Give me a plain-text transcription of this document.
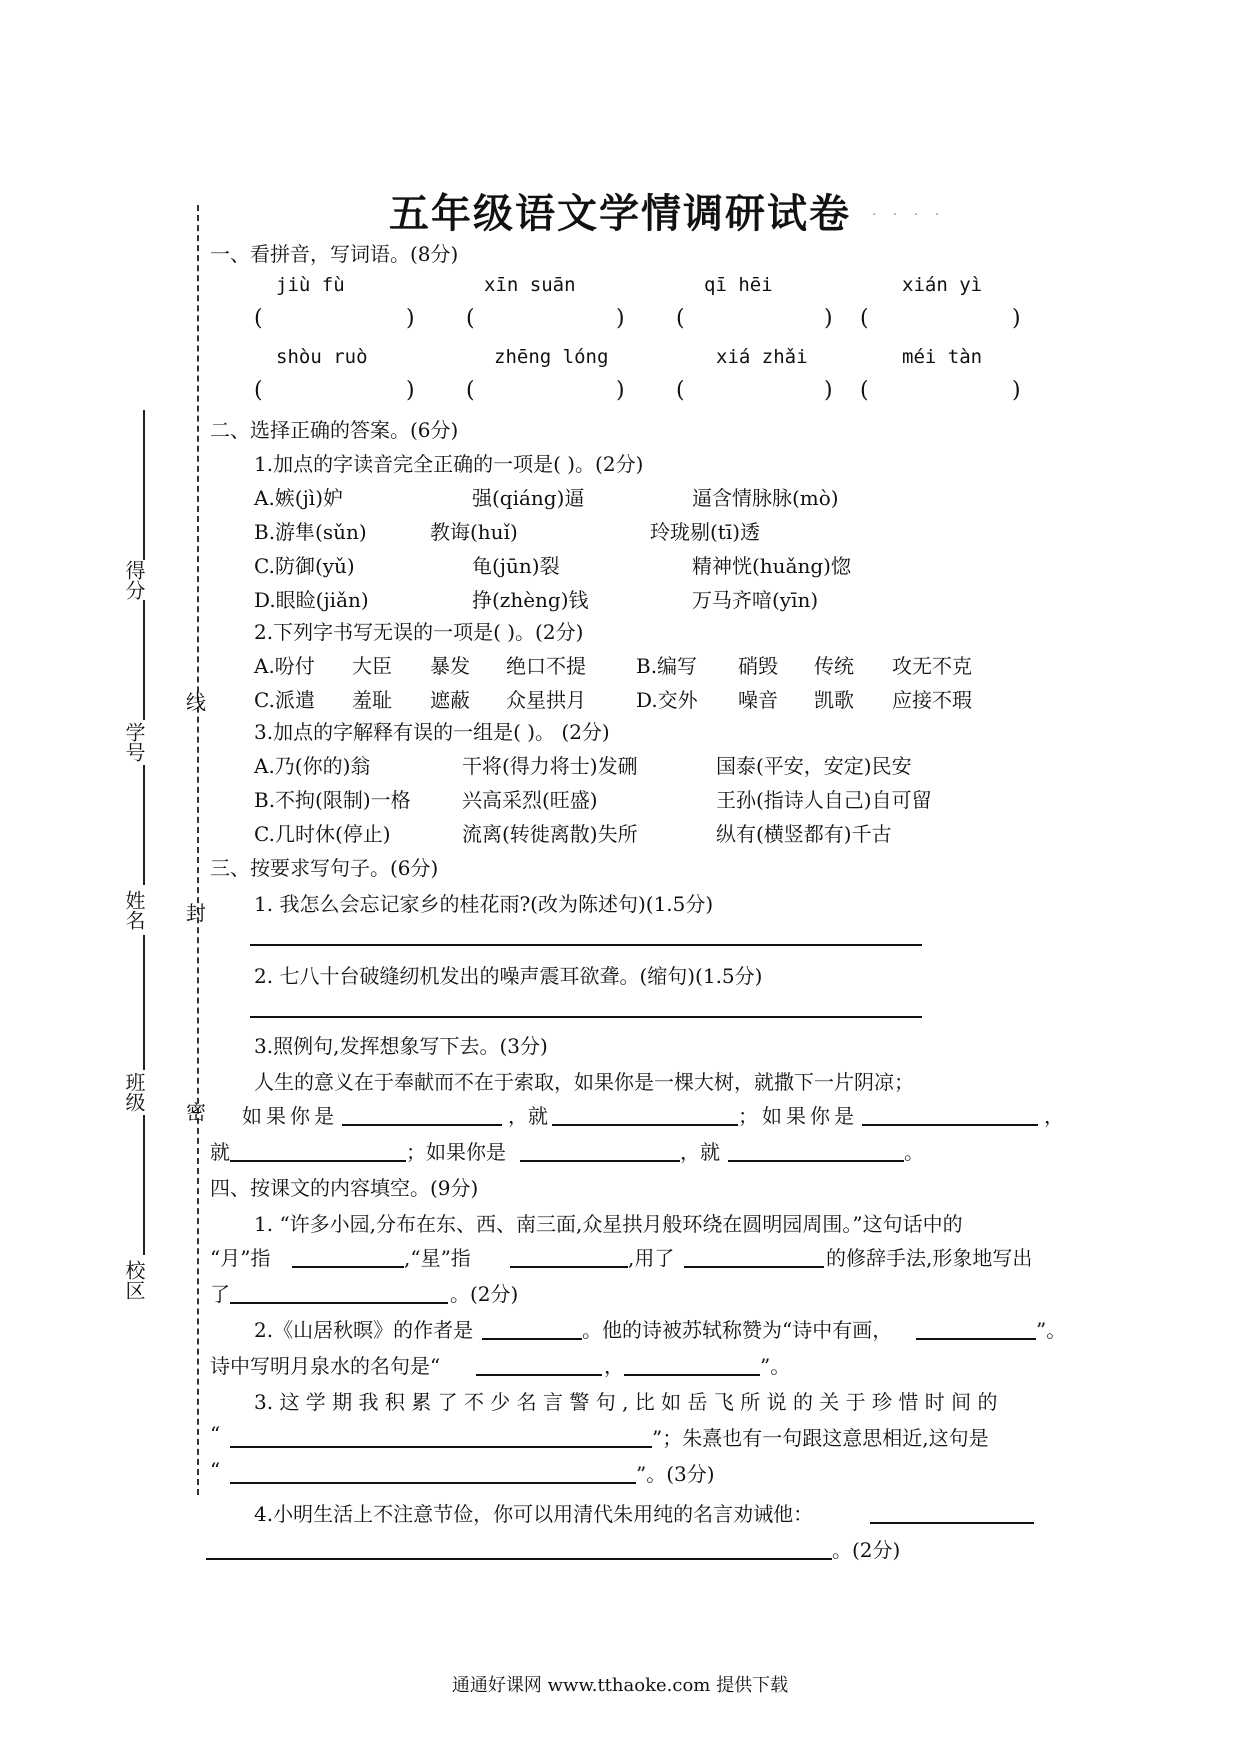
五年级语文学情调研试卷	· · · ·
得分
学号
姓名
班级
校区
线
封
密
一、看拼音，写词语。(8分)
jiù fù	xīn suān	qī hēi	xián yì
(	) (	) (	) (	)
shòu ruò	zhēng lóng	xiá zhǎi	méi tàn
(	) (	) (	) (	)
二、选择正确的答案。(6分)
1.加点的字读音完全正确的一项是( )。(2分)
A.嫉(jì)妒	强(qiáng)逼	逼含情脉脉(mò)
B.游隼(sǔn)	教诲(huǐ)	玲珑剔(tī)透
C.防御(yǔ)	龟(jūn)裂	精神恍(huǎng)惚
D.眼睑(jiǎn)	挣(zhèng)钱	万马齐喑(yīn)
2.下列字书写无误的一项是( )。(2分)
A.吩付 大臣 暴发 绝口不提	B.编写 硝毁 传统 攻无不克
C.派遣 羞耻 遮蔽 众星拱月	D.交外 噪音 凯歌 应接不瑕
3.加点的字解释有误的一组是( )。 (2分)
A.乃(你的)翁	干将(得力将士)发硎	国泰(平安，安定)民安
B.不拘(限制)一格	兴高采烈(旺盛)	王孙(指诗人自己)自可留
C.几时休(停止)	流离(转徙离散)失所	纵有(横竖都有)千古
三、按要求写句子。(6分)
1. 我怎么会忘记家乡的桂花雨?(改为陈述句)(1.5分)
2. 七八十台破缝纫机发出的噪声震耳欲聋。(缩句)(1.5分)
3.照例句,发挥想象写下去。(3分)
人生的意义在于奉献而不在于索取，如果你是一棵大树，就撒下一片阴凉；
如果你是	，就	；如果你是	，
就	；如果你是	，就	。
四、按课文的内容填空。(9分)
1. “许多小园,分布在东、西、南三面,众星拱月般环绕在圆明园周围。”这句话中的
“月”指	,“星”指	,用了	的修辞手法,形象地写出
了	。(2分)
2.《山居秋暝》的作者是	。他的诗被苏轼称赞为“诗中有画，	”。
诗中写明月泉水的名句是“	，	”。
3. 这 学 期 我 积 累 了 不 少 名 言 警 句 , 比 如 岳 飞 所 说 的 关 于 珍 惜 时 间 的
“	”；朱熹也有一句跟这意思相近,这句是
“	”。(3分)
4.小明生活上不注意节俭，你可以用清代朱用纯的名言劝诫他：
。(2分)
通通好课网 www.tthaoke.com 提供下载
